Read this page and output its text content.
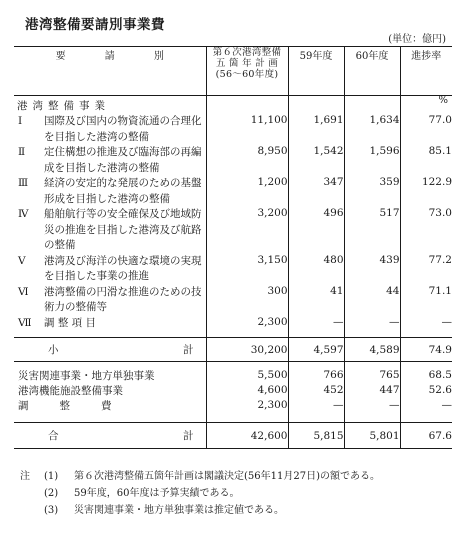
港湾整備要請別事業費
(単位：億円)
要 請 別	第６次港湾整備
五 箇 年 計 画
(56～60年度)	59年度	60年度	進捗率

港湾整備事業				%

Ⅰ 国際及び国内の物資流通の合理化を目指した港湾の整備	11,100	1,691	1,634	77.0

Ⅱ 定住構想の推進及び臨海部の再編成を目指した港湾の整備	8,950	1,542	1,596	85.1

Ⅲ 経済の安定的な発展のための基盤形成を目指した港湾の整備	1,200	347	359	122.9

Ⅳ 船舶航行等の安全確保及び地域防災の推進を目指した港湾及び航路の整備	3,200	496	517	73.0

Ⅴ 港湾及び海洋の快適な環境の実現を目指した事業の推進	3,150	480	439	77.2

Ⅵ 港湾整備の円滑な推進のための技術力の整備等	300	41	44	71.1

Ⅶ 調 整 項 目	2,300	—	—	—

小 計	30,200	4,597	4,589	74.9

災害関連事業・地方単独事業	5,500	766	765	68.5

港湾機能施設整備事業	4,600	452	447	52.6

調 整 費	2,300	—	—	—

合 計	42,600	5,815	5,801	67.6
注	(1)	第６次港湾整備五箇年計画は閣議決定(56年11月27日)の額である。
(2)	59年度，60年度は予算実績である。
(3)	災害関連事業・地方単独事業は推定値である。
